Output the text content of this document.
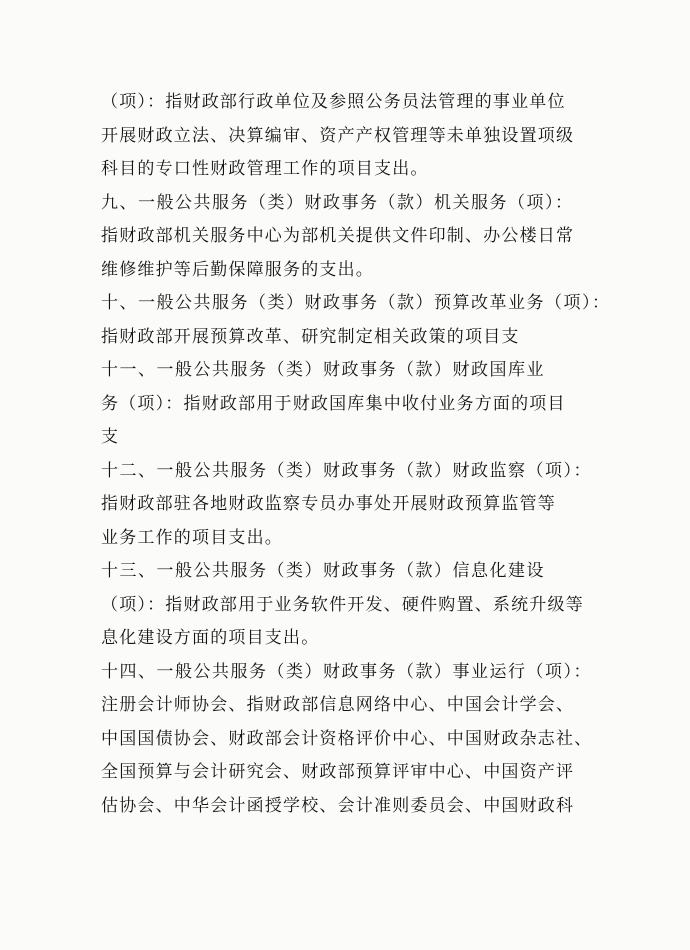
（项）：指财政部行政单位及参照公务员法管理的事业单位
开展财政立法、决算编审、资产产权管理等未单独设置项级
科目的专口性财政管理工作的项目支出。
九、一般公共服务（类）财政事务（款）机关服务（项）：
指财政部机关服务中心为部机关提供文件印制、办公楼日常
维修维护等后勤保障服务的支出。
十、一般公共服务（类）财政事务（款）预算改革业务（项）：
指财政部开展预算改革、研究制定相关政策的项目支
十一、一般公共服务（类）财政事务（款）财政国库业
务（项）：指财政部用于财政国库集中收付业务方面的项目
支
十二、一般公共服务（类）财政事务（款）财政监察（项）：
指财政部驻各地财政监察专员办事处开展财政预算监管等
业务工作的项目支出。
十三、一般公共服务（类）财政事务（款）信息化建设
（项）：指财政部用于业务软件开发、硬件购置、系统升级等
息化建设方面的项目支出。
十四、一般公共服务（类）财政事务（款）事业运行（项）：
注册会计师协会、指财政部信息网络中心、中国会计学会、
中国国债协会、财政部会计资格评价中心、中国财政杂志社、
全国预算与会计研究会、财政部预算评审中心、中国资产评
估协会、中华会计函授学校、会计准则委员会、中国财政科
